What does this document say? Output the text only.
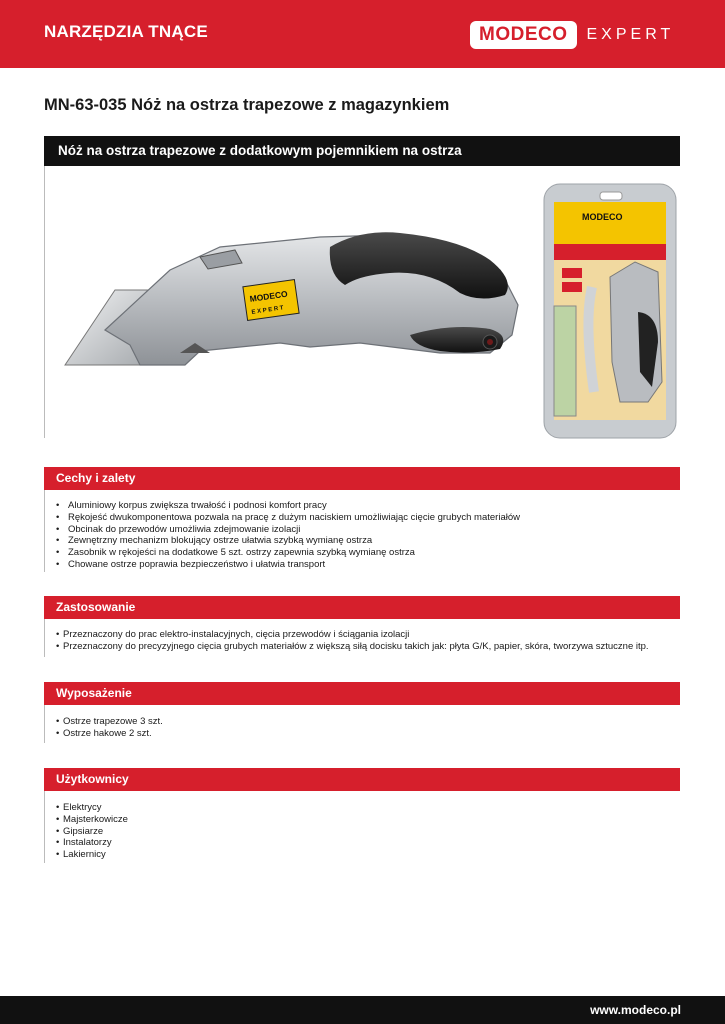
NARZĘDZIA TNĄCE	MODECO	EXPERT
MN-63-035 Nóż na ostrza trapezowe z magazynkiem
Nóż na ostrza trapezowe z dodatkowym pojemnikiem na ostrza
MODECO
E X P E R T
MODECO
Cechy i zalety
• Aluminiowy korpus zwiększa trwałość i podnosi komfort pracy
• Rękojeść dwukomponentowa pozwala na pracę z dużym naciskiem umożliwiając cięcie grubych materiałów
• Obcinak do przewodów umożliwia zdejmowanie izolacji
• Zewnętrzny mechanizm blokujący ostrze ułatwia szybką wymianę ostrza
• Zasobnik w rękojeści na dodatkowe 5 szt. ostrzy zapewnia szybką wymianę ostrza
• Chowane ostrze poprawia bezpieczeństwo i ułatwia transport
Zastosowanie
• Przeznaczony do prac elektro-instalacyjnych, cięcia przewodów i ściągania izolacji
• Przeznaczony do precyzyjnego cięcia grubych materiałów z większą siłą docisku takich jak: płyta G/K, papier, skóra, tworzywa sztuczne itp.
Wyposażenie
• Ostrze trapezowe 3 szt.
• Ostrze hakowe 2 szt.
Użytkownicy
• Elektrycy
• Majsterkowicze
• Gipsiarze
• Instalatorzy
• Lakiernicy
www.modeco.pl
